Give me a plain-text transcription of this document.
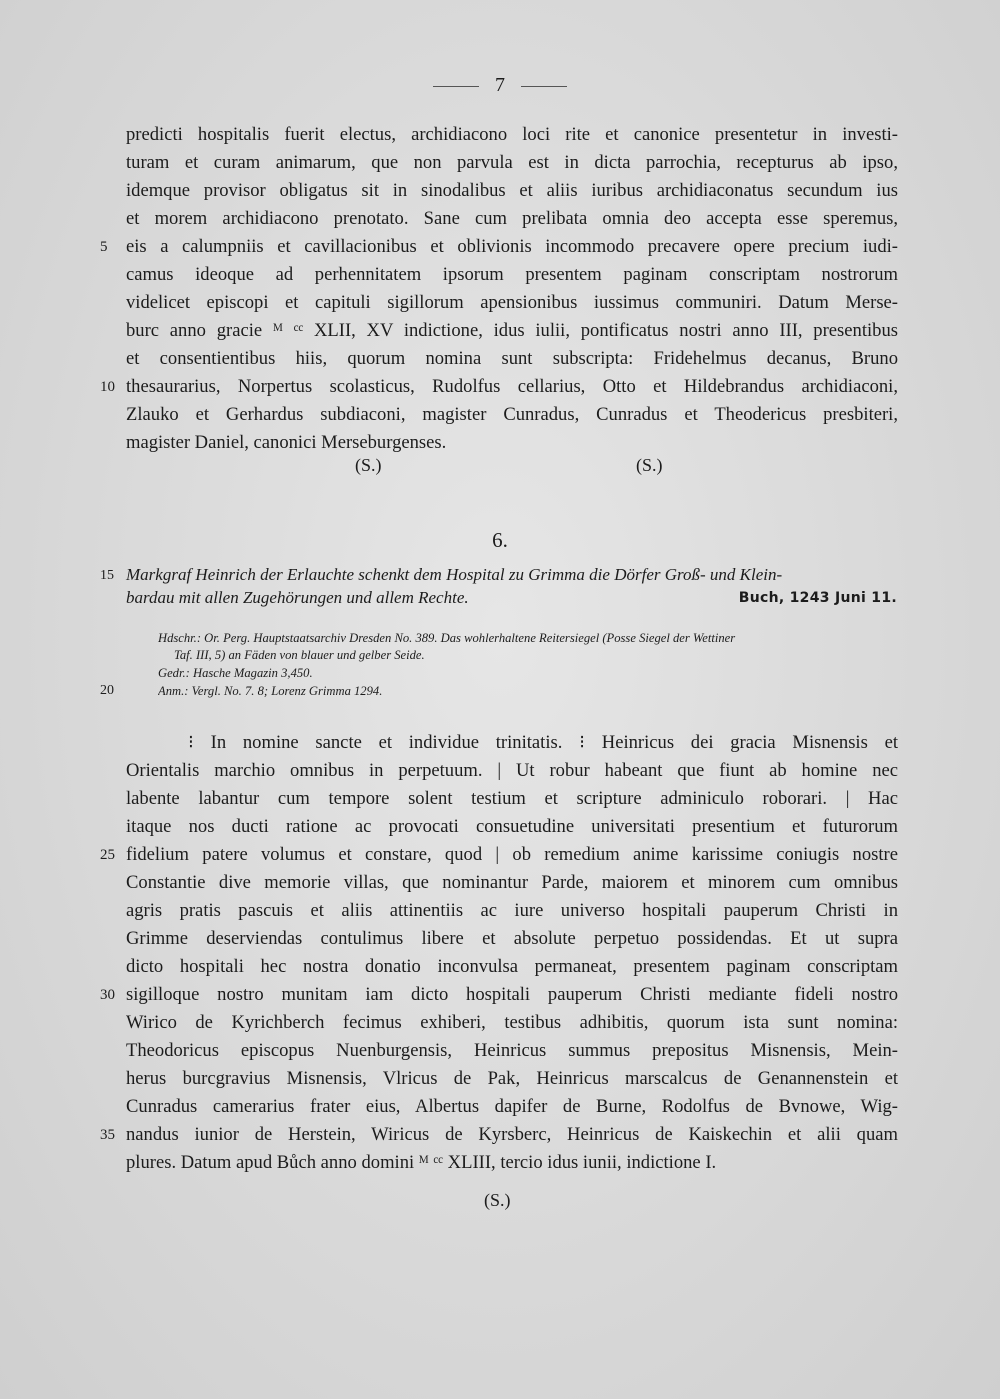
7
predicti hospitalis fuerit electus, archidiacono loci rite et canonice presentetur in investi-
turam et curam animarum, que non parvula est in dicta parrochia, recepturus ab ipso,
idemque provisor obligatus sit in sinodalibus et aliis iuribus archidiaconatus secundum ius
et morem archidiacono prenotato. Sane cum prelibata omnia deo accepta esse speremus,
eis a calumpniis et cavillacionibus et oblivionis incommodo precavere opere precium iudi-
camus ideoque ad perhennitatem ipsorum presentem paginam conscriptam nostrorum
videlicet episcopi et capituli sigillorum apensionibus iussimus communiri. Datum Merse-
burc anno gracie ᴹ ᶜᶜ XLII, XV indictione, idus iulii, pontificatus nostri anno III, presentibus
et consentientibus hiis, quorum nomina sunt subscripta: Fridehelmus decanus, Bruno
thesaurarius, Norpertus scolasticus, Rudolfus cellarius, Otto et Hildebrandus archidiaconi,
Zlauko et Gerhardus subdiaconi, magister Cunradus, Cunradus et Theodericus presbiteri,
magister Daniel, canonici Merseburgenses.
5
10
(S.)	(S.)
6.
15 Markgraf Heinrich der Erlauchte schenkt dem Hospital zu Grimma die Dörfer Groß- und Klein-
bardau mit allen Zugehörungen und allem Rechte.	Buch, 1243 Juni 11.
Hdschr.: Or. Perg. Hauptstaatsarchiv Dresden No. 389. Das wohlerhaltene Reitersiegel (Posse Siegel der Wettiner
Taf. III, 5) an Fäden von blauer und gelber Seide.
Gedr.: Hasche Magazin 3,450.
Anm.: Vergl. No. 7. 8; Lorenz Grimma 1294.
20
⁝ In nomine sancte et individue trinitatis. ⁝ Heinricus dei gracia Misnensis et
Orientalis marchio omnibus in perpetuum. | Ut robur habeant que fiunt ab homine nec
labente labantur cum tempore solent testium et scripture adminiculo roborari. | Hac
itaque nos ducti ratione ac provocati consuetudine universitati presentium et futurorum
fidelium patere volumus et constare, quod | ob remedium anime karissime coniugis nostre
Constantie dive memorie villas, que nominantur Parde, maiorem et minorem cum omnibus
agris pratis pascuis et aliis attinentiis ac iure universo hospitali pauperum Christi in
Grimme deserviendas contulimus libere et absolute perpetuo possidendas. Et ut supra
dicto hospitali hec nostra donatio inconvulsa permaneat, presentem paginam conscriptam
sigilloque nostro munitam iam dicto hospitali pauperum Christi mediante fideli nostro
Wirico de Kyrichberch fecimus exhiberi, testibus adhibitis, quorum ista sunt nomina:
Theodoricus episcopus Nuenburgensis, Heinricus summus prepositus Misnensis, Mein-
herus burcgravius Misnensis, Vlricus de Pak, Heinricus marscalcus de Genannenstein et
Cunradus camerarius frater eius, Albertus dapifer de Burne, Rodolfus de Bvnowe, Wig-
nandus iunior de Herstein, Wiricus de Kyrsberc, Heinricus de Kaiskechin et alii quam
plures. Datum apud Bůch anno domini ᴹ ᶜᶜ XLIII, tercio idus iunii, indictione I.
25
30
35
(S.)
